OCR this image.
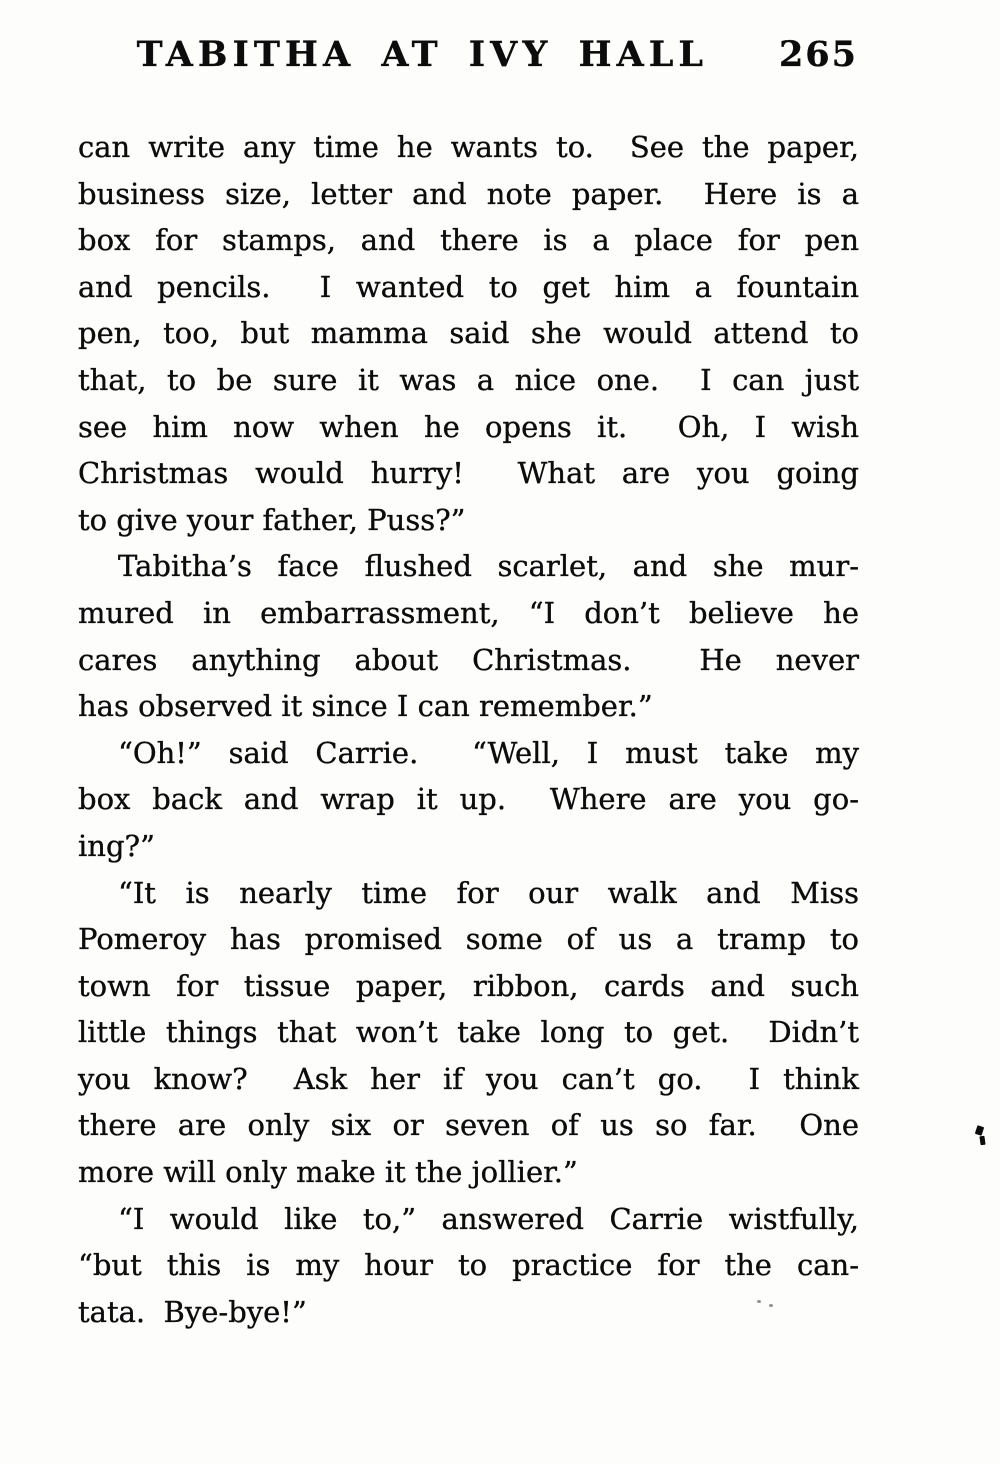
TABITHA AT IVY HALL 265
can write any time he wants to.  See the paper,
business size, letter and note paper.  Here is a
box for stamps, and there is a place for pen
and pencils.  I wanted to get him a fountain
pen, too, but mamma said she would attend to
that, to be sure it was a nice one.  I can just
see him now when he opens it.  Oh, I wish
Christmas would hurry!  What are you going
to give your father, Puss?”
Tabitha’s face flushed scarlet, and she mur-
mured in embarrassment, “I don’t believe he
cares anything about Christmas.  He never
has observed it since I can remember.”
“Oh!” said Carrie.  “Well, I must take my
box back and wrap it up.  Where are you go-
ing?”
“It is nearly time for our walk and Miss
Pomeroy has promised some of us a tramp to
town for tissue paper, ribbon, cards and such
little things that won’t take long to get.  Didn’t
you know?  Ask her if you can’t go.  I think
there are only six or seven of us so far.  One
more will only make it the jollier.”
“I would like to,” answered Carrie wistfully,
“but this is my hour to practice for the can-
tata.  Bye-bye!”
